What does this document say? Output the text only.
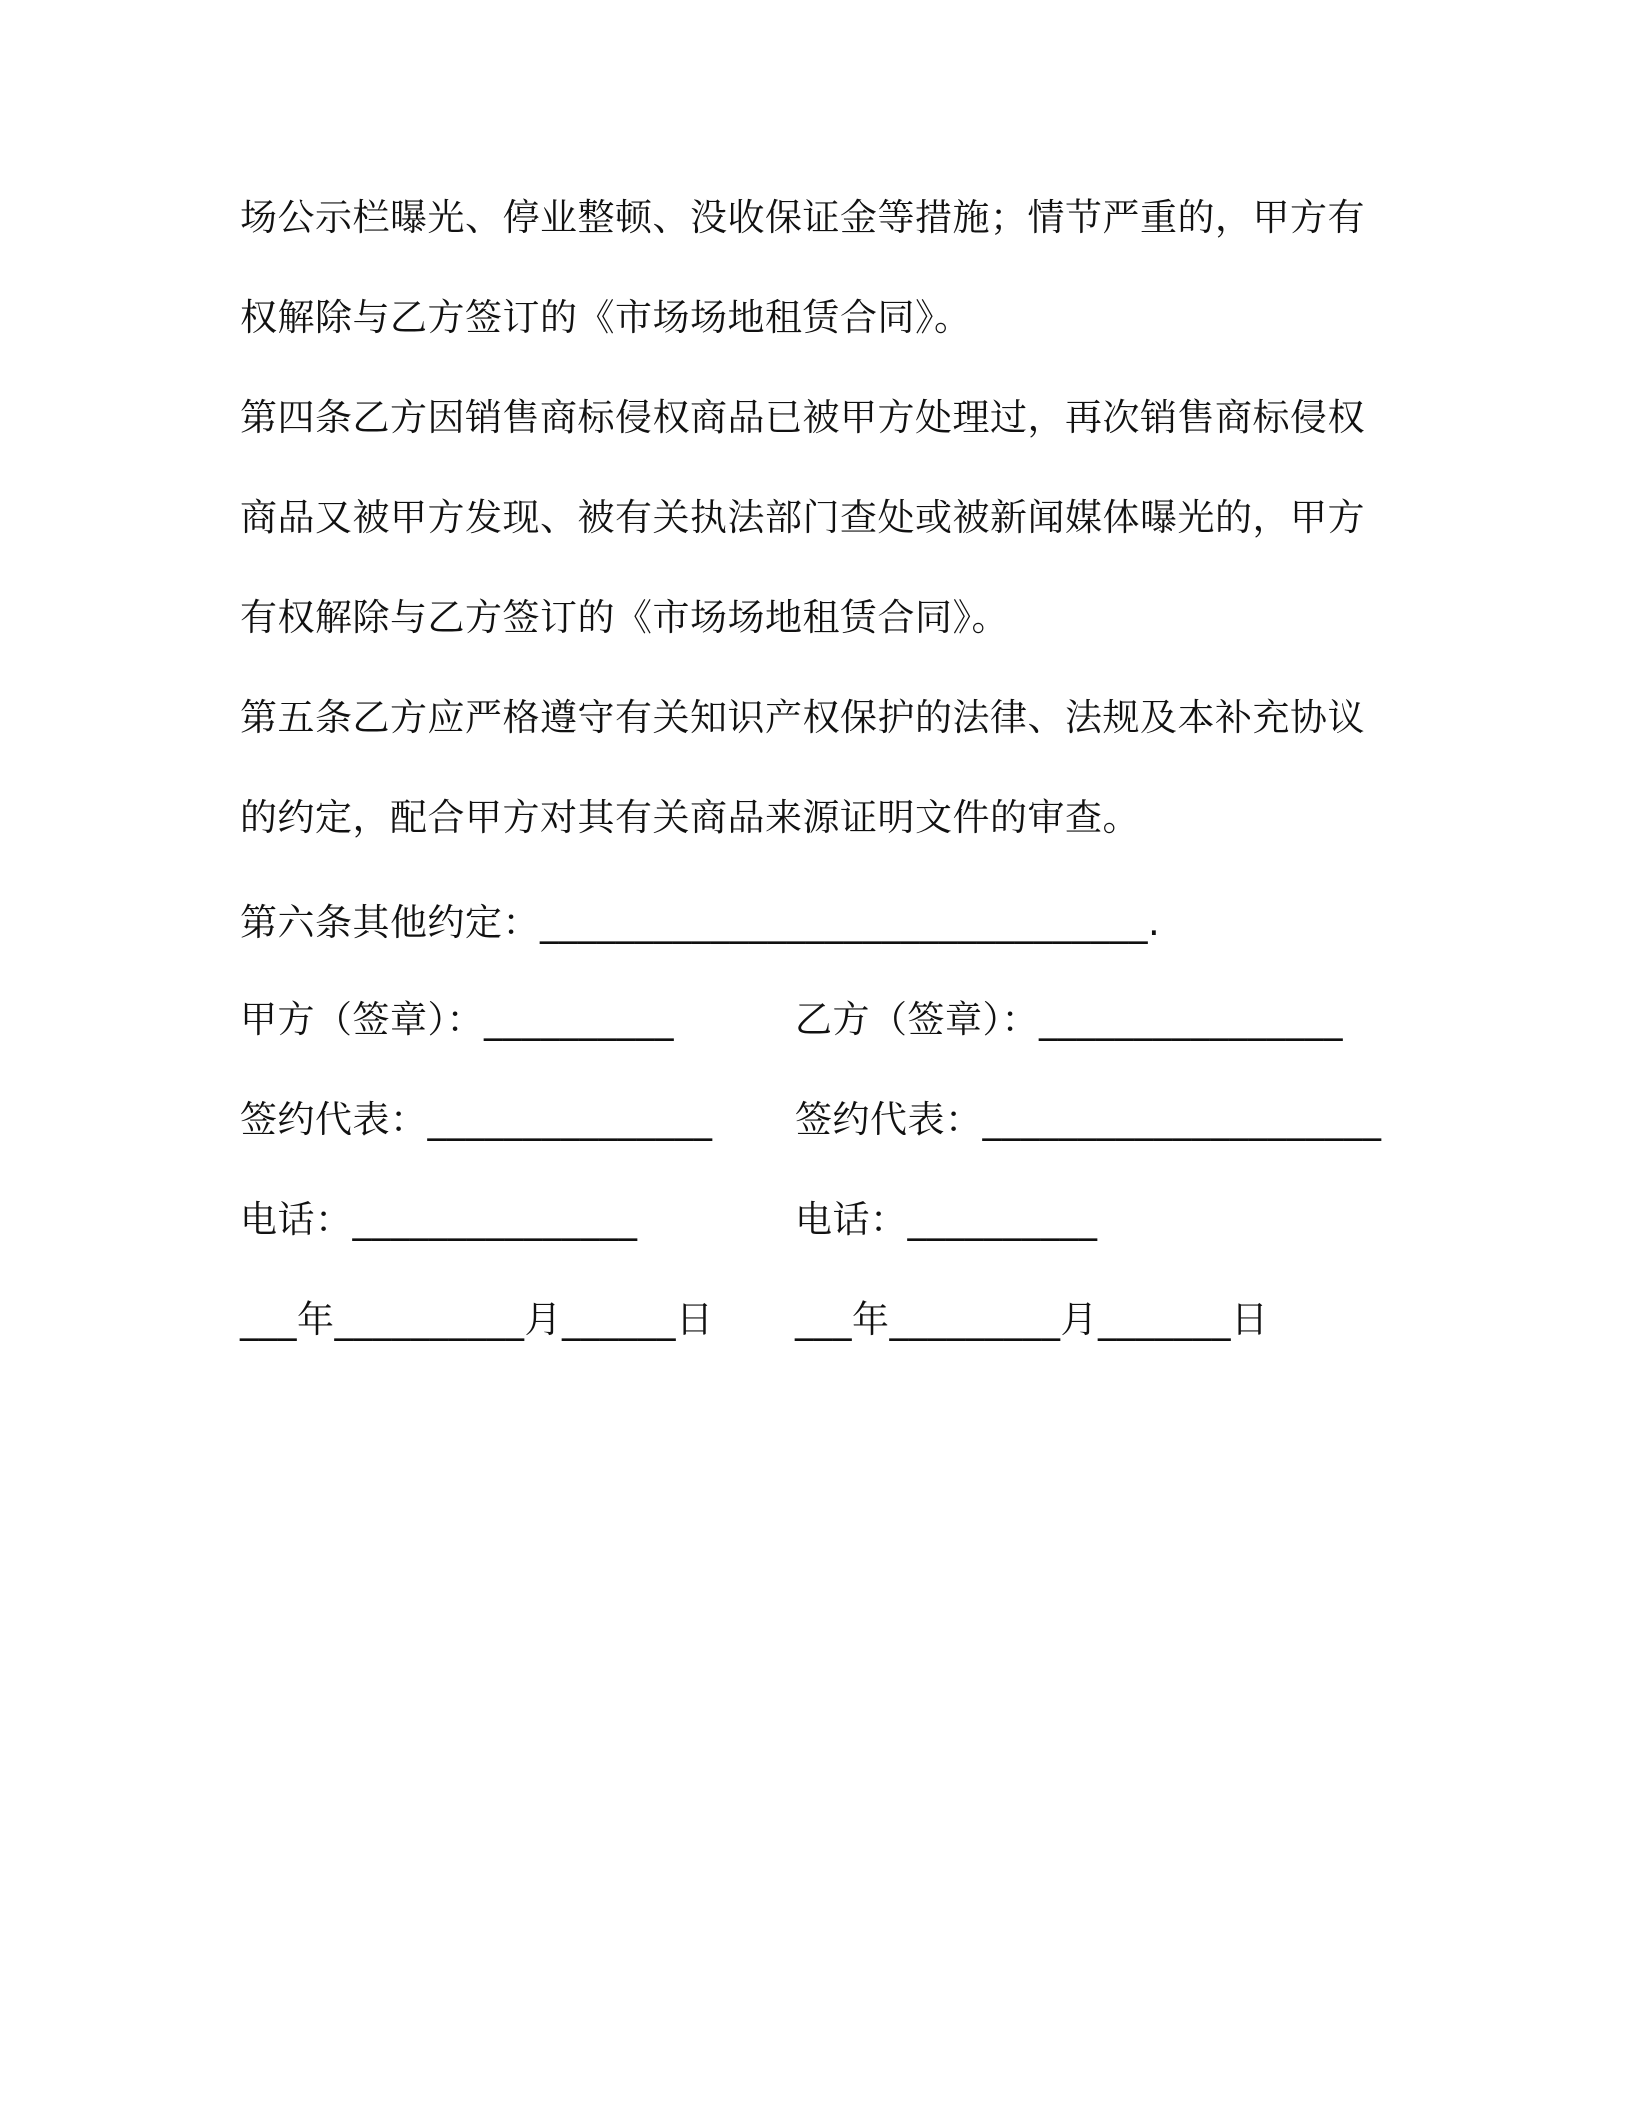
场公示栏曝光、停业整顿、没收保证金等措施；情节严重的，甲方有
权解除与乙方签订的《市场场地租赁合同》。
第四条乙方因销售商标侵权商品已被甲方处理过，再次销售商标侵权
商品又被甲方发现、被有关执法部门查处或被新闻媒体曝光的，甲方
有权解除与乙方签订的《市场场地租赁合同》。
第五条乙方应严格遵守有关知识产权保护的法律、法规及本补充协议
的约定，配合甲方对其有关商品来源证明文件的审查。
第六条其他约定：________________________________.
甲方（签章）：__________	乙方（签章）：________________
签约代表：_______________ 签约代表：_____________________
电话：_______________	电话：__________
___年__________月______日 ___年_________月_______日
